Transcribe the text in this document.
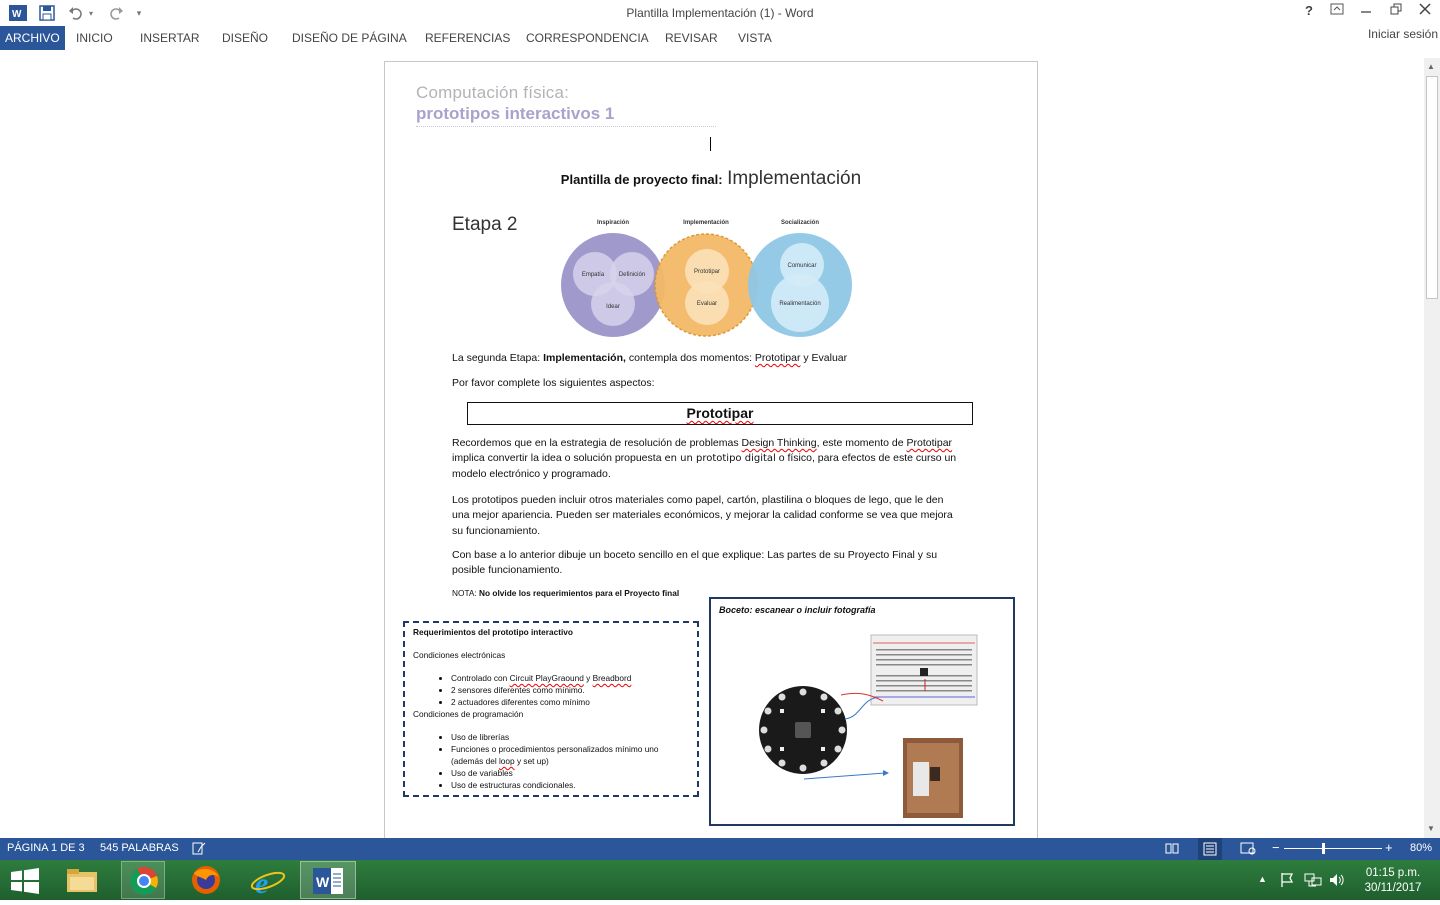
W	▾	▾	Plantilla Implementación (1) - Word	?
ARCHIVO	INICIO	INSERTAR	DISEÑO	DISEÑO DE PÁGINA	REFERENCIAS	CORRESPONDENCIA	REVISAR	VISTA	Iniciar sesión
Computación física:
prototipos interactivos 1
Plantilla de proyecto final: Implementación
Etapa 2	Inspiración	Implementación	Socialización
Empatía Definición
Idear
Prototipar
Evaluar
Comunicar
Realimentación
La segunda Etapa: Implementación, contempla dos momentos: Prototipar y Evaluar
Por favor complete los siguientes aspectos:
Prototipar
Recordemos que en la estrategia de resolución de problemas Design Thinking, este momento de Prototipar
implica convertir la idea o solución propuesta en un prototipo digital o físico, para efectos de este curso un
modelo electrónico y programado.
Los prototipos pueden incluir otros materiales como papel, cartón, plastilina o bloques de lego, que le den
una mejor apariencia. Pueden ser materiales económicos, y mejorar la calidad conforme se vea que mejora
su funcionamiento.
Con base a lo anterior dibuje un boceto sencillo en el que explique: Las partes de su Proyecto Final y su
posible funcionamiento.
NOTA: No olvide los requerimientos para el Proyecto final
Requerimientos del prototipo interactivo
Condiciones electrónicas
• Controlado con Circuit PlayGraound y Breadbord
• 2 sensores diferentes como mínimo.
• 2 actuadores diferentes como mínimo
Condiciones de programación
• Uso de librerías
• Funciones o procedimientos personalizados mínimo uno
(además del loop y set up)
• Uso de variables
• Uso de estructuras condicionales.
Boceto: escanear o incluir fotografía
▲
▼
PÁGINA 1 DE 3 545 PALABRAS	−	+ 80%
e	W	▲	01:15 p.m.
30/11/2017
